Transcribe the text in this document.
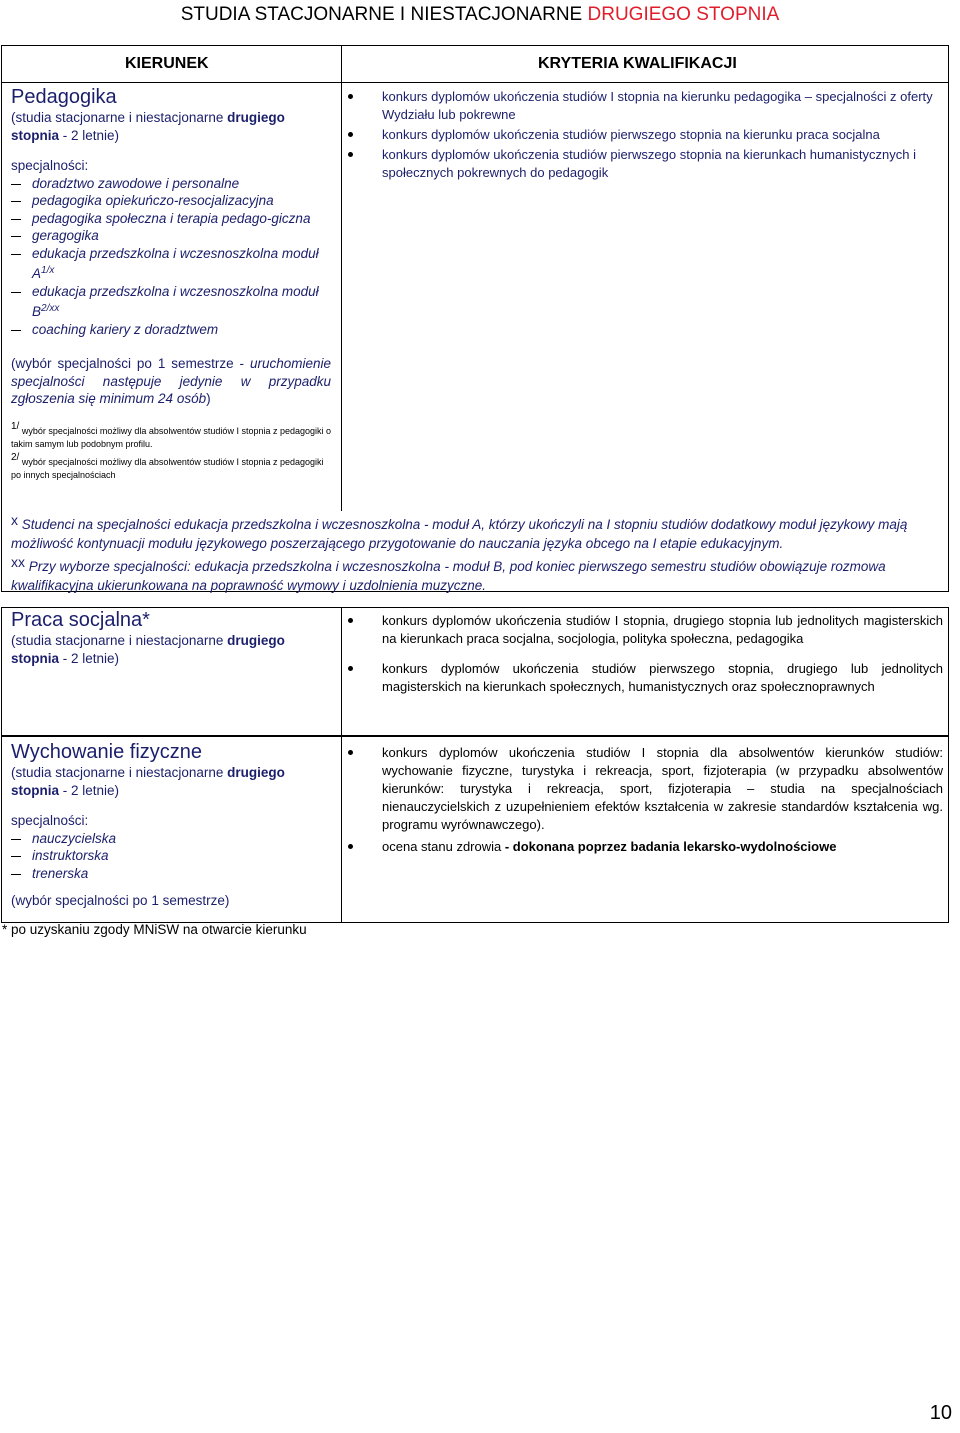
STUDIA STACJONARNE I NIESTACJONARNE DRUGIEGO STOPNIA
KIERUNEK	KRYTERIA KWALIFIKACJI
Pedagogika
(studia stacjonarne i niestacjonarne drugiego
stopnia - 2 letnie)
specjalności:
doradztwo zawodowe i personalne
pedagogika opiekuńczo-resocjalizacyjna
pedagogika społeczna i terapia pedago-giczna
geragogika
edukacja przedszkolna i wczesnoszkolna moduł $A^{1/x}$
edukacja przedszkolna i wczesnoszkolna moduł $B^{2/xx}$
coaching kariery z doradztwem
(wybór specjalności po 1 semestrze - uruchomienie specjalności następuje jedynie w przypadku zgłoszenia się minimum 24 osób)
1/ wybór specjalności możliwy dla absolwentów studiów I stopnia z pedagogiki o takim samym lub podobnym profilu.
2/ wybór specjalności możliwy dla absolwentów studiów I stopnia z pedagogiki po innych specjalnościach
konkurs dyplomów ukończenia studiów I stopnia na kierunku pedagogika – specjalności z oferty Wydziału lub pokrewne
konkurs dyplomów ukończenia studiów pierwszego stopnia na kierunku praca socjalna
konkurs dyplomów ukończenia studiów pierwszego stopnia na kierunkach humanistycznych i społecznych pokrewnych do pedagogik
x Studenci na specjalności edukacja przedszkolna i wczesnoszkolna - moduł A, którzy ukończyli na I stopniu studiów dodatkowy moduł językowy mają możliwość kontynuacji modułu językowego poszerzającego przygotowanie do nauczania języka obcego na I etapie edukacyjnym.
xx Przy wyborze specjalności: edukacja przedszkolna i wczesnoszkolna - moduł B, pod koniec pierwszego semestru studiów obowiązuje rozmowa kwalifikacyjna ukierunkowana na poprawność wymowy i uzdolnienia muzyczne.
Praca socjalna*
(studia stacjonarne i niestacjonarne drugiego
stopnia - 2 letnie)
konkurs dyplomów ukończenia studiów I stopnia, drugiego stopnia lub jednolitych magisterskich na kierunkach praca socjalna, socjologia, polityka społeczna, pedagogika
konkurs dyplomów ukończenia studiów pierwszego stopnia, drugiego lub jednolitych magisterskich na kierunkach społecznych, humanistycznych oraz społecznoprawnych
Wychowanie fizyczne
(studia stacjonarne i niestacjonarne drugiego
stopnia - 2 letnie)
specjalności:
nauczycielska
instruktorska
trenerska
(wybór specjalności po 1 semestrze)
konkurs dyplomów ukończenia studiów I stopnia dla absolwentów kierunków studiów: wychowanie fizyczne, turystyka i rekreacja, sport, fizjoterapia (w przypadku absolwentów kierunków: turystyka i rekreacja, sport, fizjoterapia – studia na specjalnościach nienauczycielskich z uzupełnieniem efektów kształcenia w zakresie standardów kształcenia wg. programu wyrównawczego).
ocena stanu zdrowia - dokonana poprzez badania lekarsko-wydolnościowe
* po uzyskaniu zgody MNiSW na otwarcie kierunku
10
